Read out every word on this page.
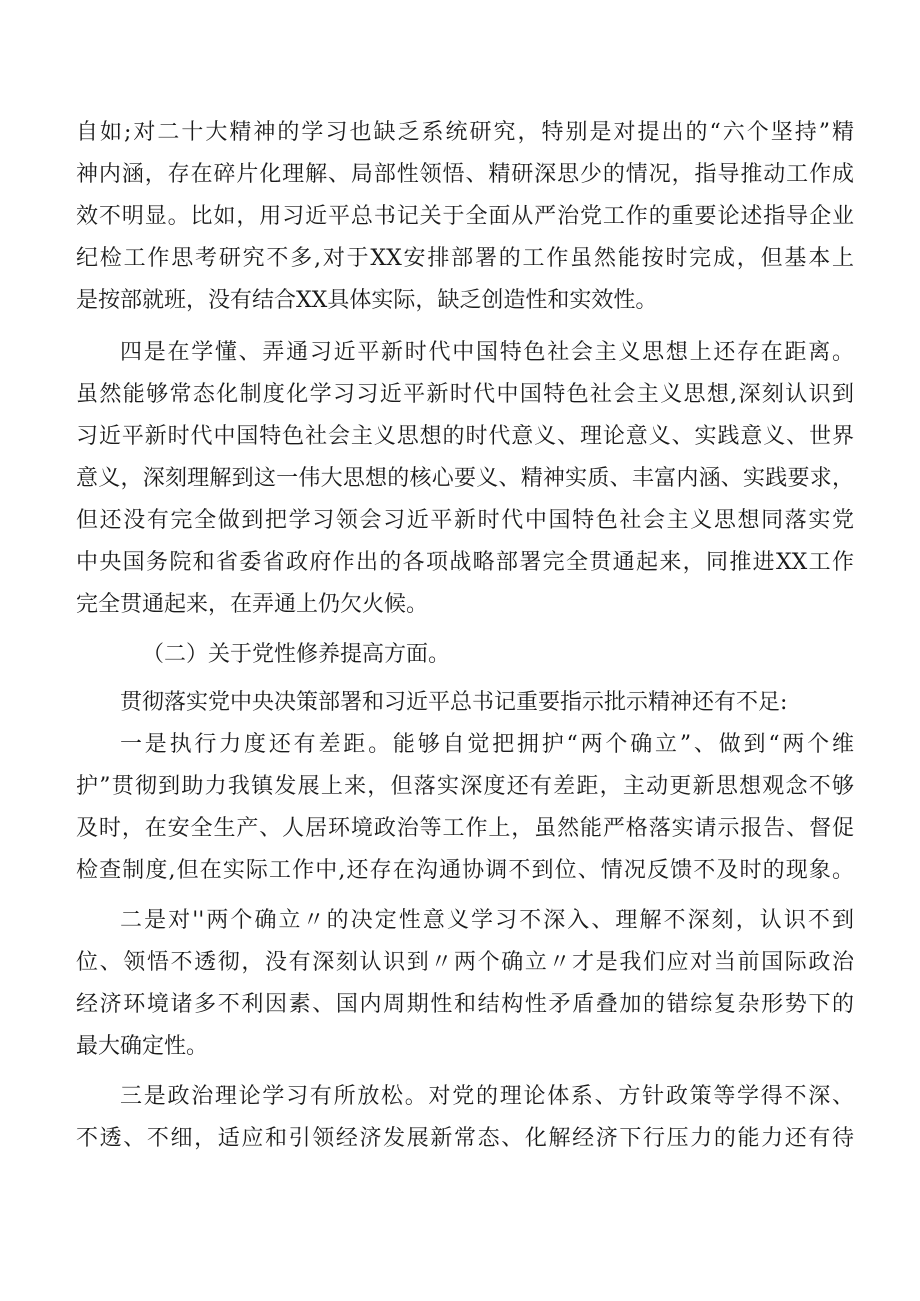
自如;对二十大精神的学习也缺乏系统研究，特别是对提出的“六个坚持”精
神内涵，存在碎片化理解、局部性领悟、精研深思少的情况，指导推动工作成
效不明显。比如，用习近平总书记关于全面从严治党工作的重要论述指导企业
纪检工作思考研究不多,对于XX安排部署的工作虽然能按时完成，但基本上
是按部就班，没有结合XX具体实际，缺乏创造性和实效性。
四是在学懂、弄通习近平新时代中国特色社会主义思想上还存在距离。
虽然能够常态化制度化学习习近平新时代中国特色社会主义思想,深刻认识到
习近平新时代中国特色社会主义思想的时代意义、理论意义、实践意义、世界
意义，深刻理解到这一伟大思想的核心要义、精神实质、丰富内涵、实践要求，
但还没有完全做到把学习领会习近平新时代中国特色社会主义思想同落实党
中央国务院和省委省政府作出的各项战略部署完全贯通起来，同推进XX工作
完全贯通起来，在弄通上仍欠火候。
（二）关于党性修养提高方面。
贯彻落实党中央决策部署和习近平总书记重要指示批示精神还有不足:
一是执行力度还有差距。能够自觉把拥护“两个确立”、做到“两个维
护”贯彻到助力我镇发展上来，但落实深度还有差距，主动更新思想观念不够
及时，在安全生产、人居环境政治等工作上，虽然能严格落实请示报告、督促
检查制度,但在实际工作中,还存在沟通协调不到位、情况反馈不及时的现象。
二是对''两个确立〃的决定性意义学习不深入、理解不深刻，认识不到
位、领悟不透彻，没有深刻认识到〃两个确立〃才是我们应对当前国际政治
经济环境诸多不利因素、国内周期性和结构性矛盾叠加的错综复杂形势下的
最大确定性。
三是政治理论学习有所放松。对党的理论体系、方针政策等学得不深、
不透、不细，适应和引领经济发展新常态、化解经济下行压力的能力还有待
